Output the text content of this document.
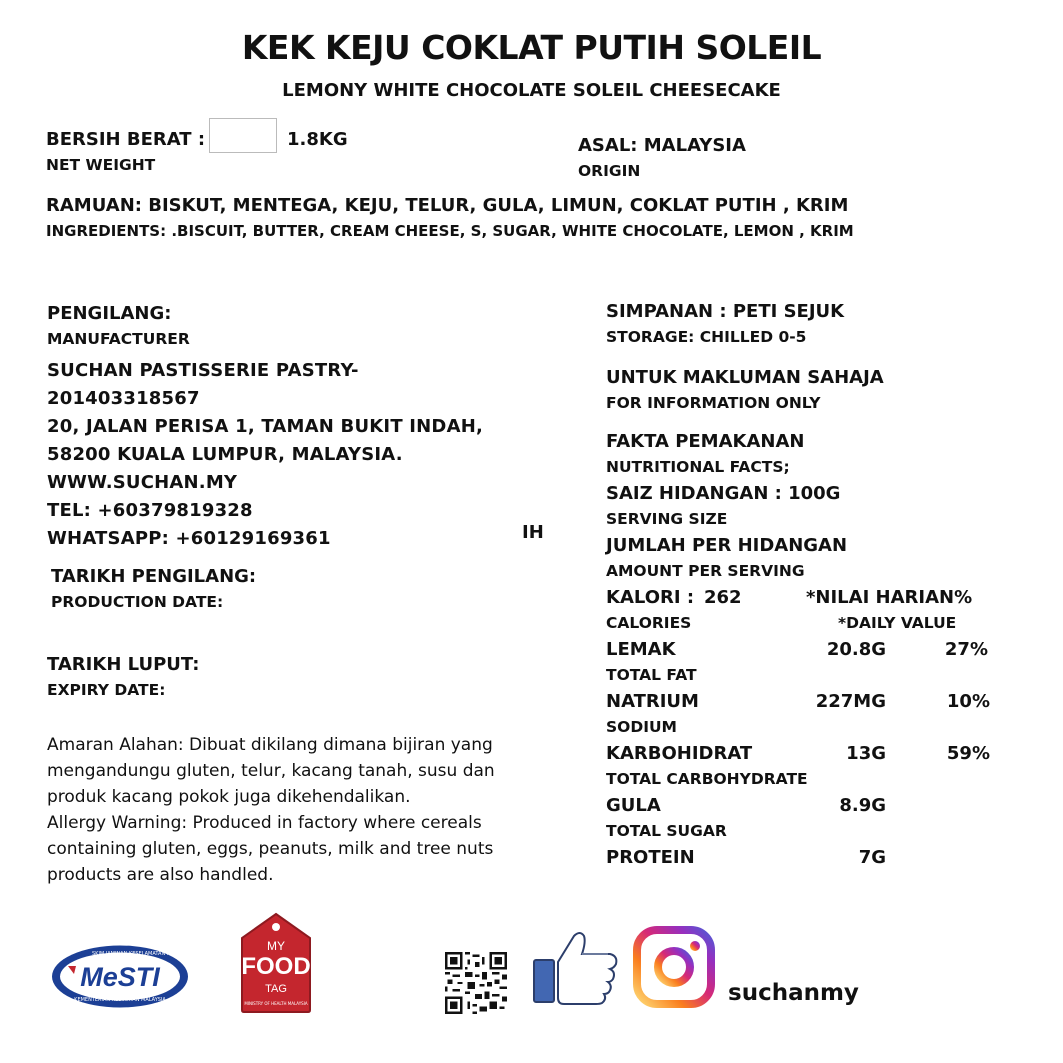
KEK KEJU COKLAT PUTIH SOLEIL
LEMONY WHITE CHOCOLATE SOLEIL CHEESECAKE
BERSIH BERAT :
NET WEIGHT
1.8KG	ASAL: MALAYSIA
ORIGIN
RAMUAN: BISKUT, MENTEGA, KEJU, TELUR, GULA, LIMUN, COKLAT PUTIH , KRIM
INGREDIENTS: .BISCUIT, BUTTER, CREAM CHEESE, S, SUGAR, WHITE CHOCOLATE, LEMON , KRIM
PENGILANG:
MANUFACTURER
SUCHAN PASTISSERIE PASTRY-
201403318567
20, JALAN PERISA 1, TAMAN BUKIT INDAH,
58200 KUALA LUMPUR, MALAYSIA.
WWW.SUCHAN.MY
TEL: +60379819328
WHATSAPP: +60129169361	IH
TARIKH PENGILANG:
PRODUCTION DATE:
TARIKH LUPUT:
EXPIRY DATE:
Amaran Alahan: Dibuat dikilang dimana bijiran yang mengandungu gluten, telur, kacang tanah, susu dan produk kacang pokok juga dikehendalikan.
Allergy Warning: Produced in factory where cereals containing gluten, eggs, peanuts, milk and tree nuts products are also handled.
SIMPANAN : PETI SEJUK
STORAGE: CHILLED 0-5
UNTUK MAKLUMAN SAHAJA
FOR INFORMATION ONLY
FAKTA PEMAKANAN
NUTRITIONAL FACTS;
SAIZ HIDANGAN : 100G
SERVING SIZE
JUMLAH PER HIDANGAN
AMOUNT PER SERVING
KALORI : 262	*NILAI HARIAN%
CALORIES	*DAILY VALUE
LEMAK	20.8G	27%
TOTAL FAT
NATRIUM	227MG	10%
SODIUM
KARBOHIDRAT	13G	59%
TOTAL CARBOHYDRATE
GULA	8.9G
TOTAL SUGAR
PROTEIN	7G
SKIM JAMINAN KESELAMATAN MAKANAN
MeSTI
KEMENTERIAN KESIHATAN MALAYSIA
MY
FOOD
TAG
MINISTRY OF HEALTH MALAYSIA	suchanmy
